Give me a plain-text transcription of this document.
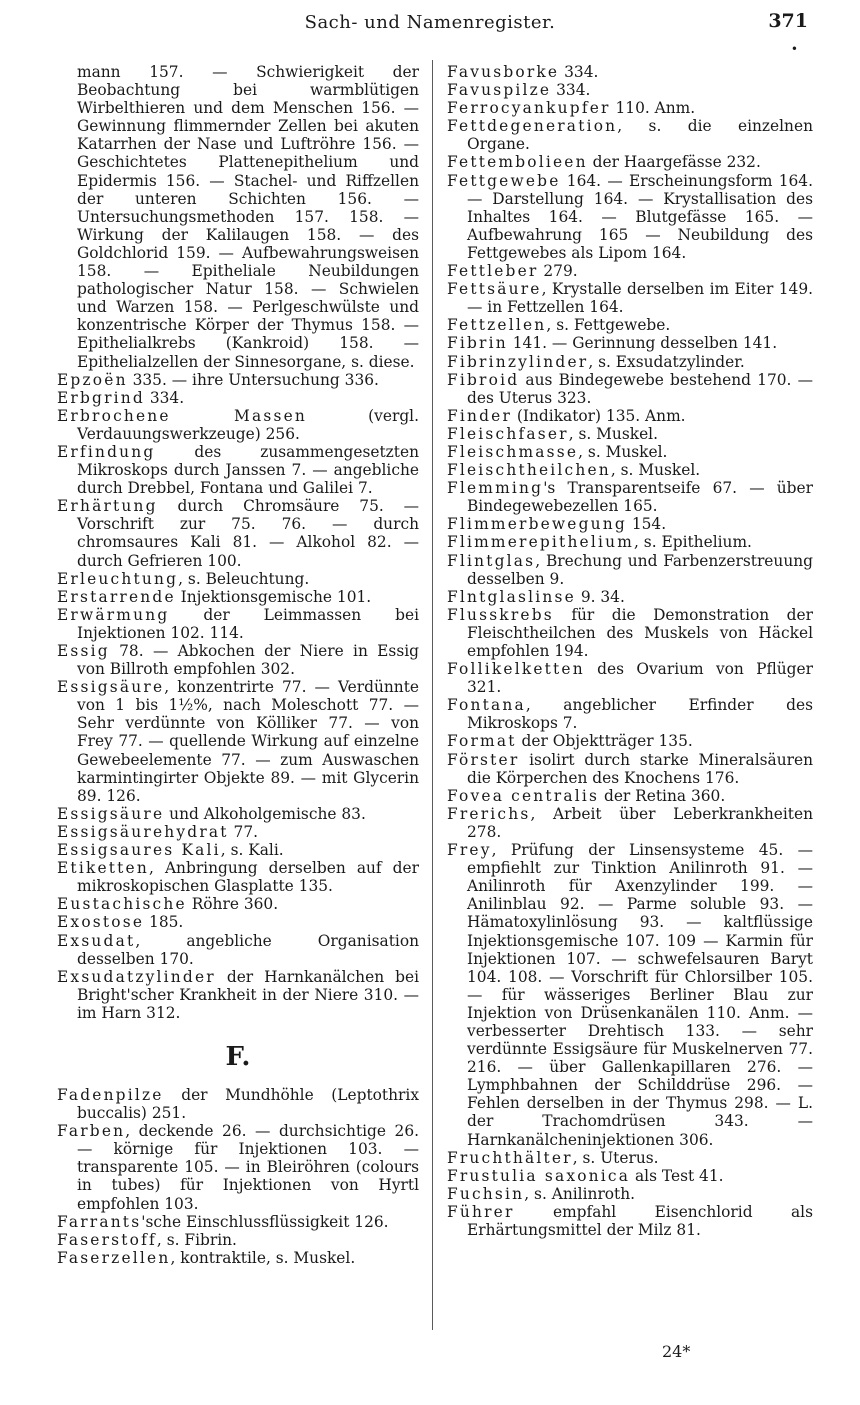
Sach- und Namenregister.	371
•

mann 157. — Schwierigkeit der Beobachtung bei warmblütigen Wirbelthieren und dem Menschen 156. — Gewinnung flimmernder Zellen bei akuten Katarrhen der Nase und Luftröhre 156. — Geschichtetes Plattenepithelium und Epidermis 156. — Stachel- und Riffzellen der unteren Schichten 156. — Untersuchungsmethoden 157. 158. — Wirkung der Kalilaugen 158. — des Goldchlorid 159. — Aufbewahrungsweisen 158. — Epitheliale Neubildungen pathologischer Natur 158. — Schwielen und Warzen 158. — Perlgeschwülste und konzentrische Körper der Thymus 158. — Epithelialkrebs (Kankroid) 158. — Epithelialzellen der Sinnesorgane, s. diese.

Epzoën 335. — ihre Untersuchung 336.

Erbgrind 334.

Erbrochene Massen (vergl. Verdauungswerkzeuge) 256.

Erfindung des zusammengesetzten Mikroskops durch Janssen 7. — angebliche durch Drebbel, Fontana und Galilei 7.

Erhärtung durch Chromsäure 75. — Vorschrift zur 75. 76. — durch chromsaures Kali 81. — Alkohol 82. — durch Gefrieren 100.

Erleuchtung, s. Beleuchtung.

Erstarrende Injektionsgemische 101.

Erwärmung der Leimmassen bei Injektionen 102. 114.

Essig 78. — Abkochen der Niere in Essig von Billroth empfohlen 302.

Essigsäure, konzentrirte 77. — Verdünnte von 1 bis 1½%, nach Moleschott 77. — Sehr verdünnte von Kölliker 77. — von Frey 77. — quellende Wirkung auf einzelne Gewebeelemente 77. — zum Auswaschen karmintingirter Objekte 89. — mit Glycerin 89. 126.

Essigsäure und Alkoholgemische 83.

Essigsäurehydrat 77.

Essigsaures Kali, s. Kali.

Etiketten, Anbringung derselben auf der mikroskopischen Glasplatte 135.

Eustachische Röhre 360.

Exostose 185.

Exsudat, angebliche Organisation desselben 170.

Exsudatzylinder der Harnkanälchen bei Bright'scher Krankheit in der Niere 310. — im Harn 312.

F.

Fadenpilze der Mundhöhle (Leptothrix buccalis) 251.

Farben, deckende 26. — durchsichtige 26. — körnige für Injektionen 103. — transparente 105. — in Bleiröhren (colours in tubes) für Injektionen von Hyrtl empfohlen 103.

Farrants'sche Einschlussflüssigkeit 126.

Faserstoff, s. Fibrin.

Faserzellen, kontraktile, s. Muskel.

Favusborke 334.

Favuspilze 334.

Ferrocyankupfer 110. Anm.

Fettdegeneration, s. die einzelnen Organe.

Fettembolieen der Haargefässe 232.

Fettgewebe 164. — Erscheinungsform 164. — Darstellung 164. — Krystallisation des Inhaltes 164. — Blutgefässe 165. — Aufbewahrung 165 — Neubildung des Fettgewebes als Lipom 164.

Fettleber 279.

Fettsäure, Krystalle derselben im Eiter 149. — in Fettzellen 164.

Fettzellen, s. Fettgewebe.

Fibrin 141. — Gerinnung desselben 141.

Fibrinzylinder, s. Exsudatzylinder.

Fibroid aus Bindegewebe bestehend 170. — des Uterus 323.

Finder (Indikator) 135. Anm.

Fleischfaser, s. Muskel.

Fleischmasse, s. Muskel.

Fleischtheilchen, s. Muskel.

Flemming's Transparentseife 67. — über Bindegewebezellen 165.

Flimmerbewegung 154.

Flimmerepithelium, s. Epithelium.

Flintglas, Brechung und Farbenzerstreuung desselben 9.

Flntglaslinse 9. 34.

Flusskrebs für die Demonstration der Fleischtheilchen des Muskels von Häckel empfohlen 194.

Follikelketten des Ovarium von Pflüger 321.

Fontana, angeblicher Erfinder des Mikroskops 7.

Format der Objektträger 135.

Förster isolirt durch starke Mineralsäuren die Körperchen des Knochens 176.

Fovea centralis der Retina 360.

Frerichs, Arbeit über Leberkrankheiten 278.

Frey, Prüfung der Linsensysteme 45. — empfiehlt zur Tinktion Anilinroth 91. — Anilinroth für Axenzylinder 199. — Anilinblau 92. — Parme soluble 93. — Hämatoxylinlösung 93. — kaltflüssige Injektionsgemische 107. 109 — Karmin für Injektionen 107. — schwefelsauren Baryt 104. 108. — Vorschrift für Chlorsilber 105. — für wässeriges Berliner Blau zur Injektion von Drüsenkanälen 110. Anm. — verbesserter Drehtisch 133. — sehr verdünnte Essigsäure für Muskelnerven 77. 216. — über Gallenkapillaren 276. — Lymphbahnen der Schilddrüse 296. — Fehlen derselben in der Thymus 298. — L. der Trachomdrüsen 343. — Harnkanälcheninjektionen 306.

Fruchthälter, s. Uterus.

Frustulia saxonica als Test 41.

Fuchsin, s. Anilinroth.

Führer empfahl Eisenchlorid als Erhärtungsmittel der Milz 81.

24*
